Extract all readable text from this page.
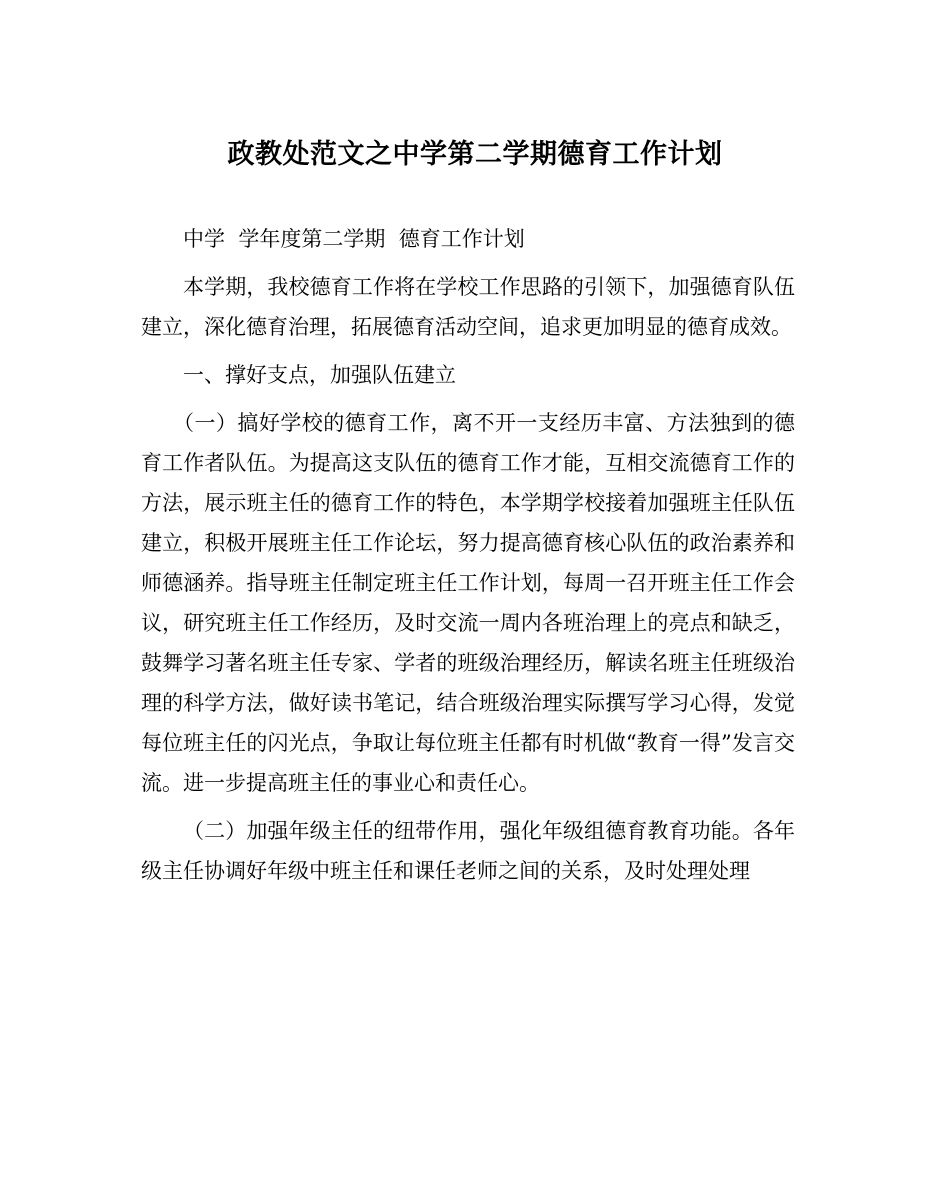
政教处范文之中学第二学期德育工作计划

中学  学年度第二学期  德育工作计划

本学期，我校德育工作将在学校工作思路的引领下，加强德育队伍建立，深化德育治理，拓展德育活动空间，追求更加明显的德育成效。

一、撑好支点，加强队伍建立

（一）搞好学校的德育工作，离不开一支经历丰富、方法独到的德育工作者队伍。为提高这支队伍的德育工作才能，互相交流德育工作的方法，展示班主任的德育工作的特色，本学期学校接着加强班主任队伍建立，积极开展班主任工作论坛，努力提高德育核心队伍的政治素养和师德涵养。指导班主任制定班主任工作计划，每周一召开班主任工作会议，研究班主任工作经历，及时交流一周内各班治理上的亮点和缺乏，鼓舞学习著名班主任专家、学者的班级治理经历，解读名班主任班级治理的科学方法，做好读书笔记，结合班级治理实际撰写学习心得，发觉每位班主任的闪光点，争取让每位班主任都有时机做“教育一得”发言交流。进一步提高班主任的事业心和责任心。

（二）加强年级主任的纽带作用，强化年级组德育教育功能。各年级主任协调好年级中班主任和课任老师之间的关系，及时处理处理
